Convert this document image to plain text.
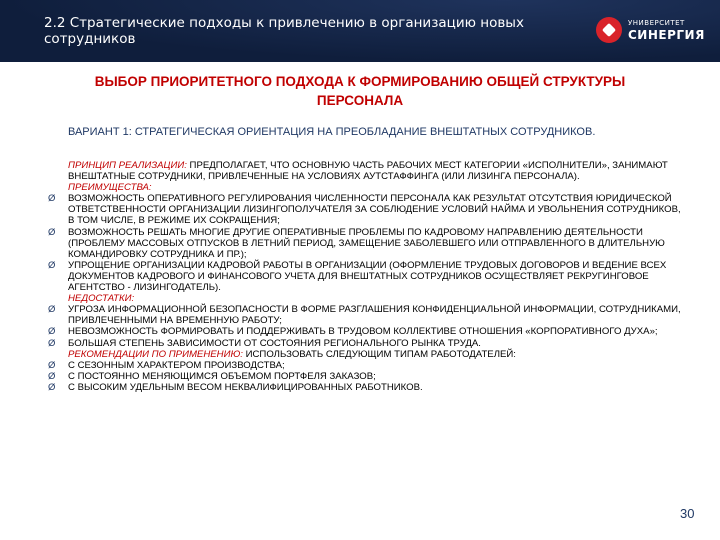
2.2 Стратегические подходы к привлечению в организацию новых сотрудников
УНИВЕРСИТЕТ
СИНЕРГИЯ
ВЫБОР ПРИОРИТЕТНОГО ПОДХОДА К ФОРМИРОВАНИЮ ОБЩЕЙ СТРУКТУРЫ ПЕРСОНАЛА
ВАРИАНТ 1: СТРАТЕГИЧЕСКАЯ ОРИЕНТАЦИЯ НА ПРЕОБЛАДАНИЕ ВНЕШТАТНЫХ СОТРУДНИКОВ.

ПРИНЦИП РЕАЛИЗАЦИИ: ПРЕДПОЛАГАЕТ, ЧТО ОСНОВНУЮ ЧАСТЬ РАБОЧИХ МЕСТ КАТЕГОРИИ «ИСПОЛНИТЕЛИ», ЗАНИМАЮТ ВНЕШТАТНЫЕ СОТРУДНИКИ, ПРИВЛЕЧЕННЫЕ НА УСЛОВИЯХ АУТСТАФФИНГА (ИЛИ ЛИЗИНГА ПЕРСОНАЛА).

ПРЕИМУЩЕСТВА:

Ø ВОЗМОЖНОСТЬ ОПЕРАТИВНОГО РЕГУЛИРОВАНИЯ ЧИСЛЕННОСТИ ПЕРСОНАЛА КАК РЕЗУЛЬТАТ ОТСУТСТВИЯ ЮРИДИЧЕСКОЙ ОТВЕТСТВЕННОСТИ ОРГАНИЗАЦИИ ЛИЗИНГОПОЛУЧАТЕЛЯ ЗА СОБЛЮДЕНИЕ УСЛОВИЙ НАЙМА И УВОЛЬНЕНИЯ СОТРУДНИКОВ, В ТОМ ЧИСЛЕ, В РЕЖИМЕ ИХ СОКРАЩЕНИЯ;

Ø ВОЗМОЖНОСТЬ РЕШАТЬ МНОГИЕ ДРУГИЕ ОПЕРАТИВНЫЕ ПРОБЛЕМЫ ПО КАДРОВОМУ НАПРАВЛЕНИЮ ДЕЯТЕЛЬНОСТИ (ПРОБЛЕМУ МАССОВЫХ ОТПУСКОВ В ЛЕТНИЙ ПЕРИОД, ЗАМЕЩЕНИЕ ЗАБОЛЕВШЕГО ИЛИ ОТПРАВЛЕННОГО В ДЛИТЕЛЬНУЮ КОМАНДИРОВКУ СОТРУДНИКА И ПР.);

Ø УПРОЩЕНИЕ ОРГАНИЗАЦИИ КАДРОВОЙ РАБОТЫ В ОРГАНИЗАЦИИ (ОФОРМЛЕНИЕ ТРУДОВЫХ ДОГОВОРОВ И ВЕДЕНИЕ ВСЕХ ДОКУМЕНТОВ КАДРОВОГО И ФИНАНСОВОГО УЧЕТА ДЛЯ ВНЕШТАТНЫХ СОТРУДНИКОВ ОСУЩЕСТВЛЯЕТ РЕКРУГИНГОВОЕ АГЕНТСТВО - ЛИЗИНГОДАТЕЛЬ).

НЕДОСТАТКИ:

Ø УГРОЗА ИНФОРМАЦИОННОЙ БЕЗОПАСНОСТИ В ФОРМЕ РАЗГЛАШЕНИЯ КОНФИДЕНЦИАЛЬНОЙ ИНФОРМАЦИИ, СОТРУДНИКАМИ, ПРИВЛЕЧЕННЫМИ НА ВРЕМЕННУЮ РАБОТУ;

Ø НЕВОЗМОЖНОСТЬ ФОРМИРОВАТЬ И ПОДДЕРЖИВАТЬ В ТРУДОВОМ КОЛЛЕКТИВЕ ОТНОШЕНИЯ «КОРПОРАТИВНОГО ДУХА»;

Ø БОЛЬШАЯ СТЕПЕНЬ ЗАВИСИМОСТИ ОТ СОСТОЯНИЯ РЕГИОНАЛЬНОГО РЫНКА ТРУДА.

РЕКОМЕНДАЦИИ ПО ПРИМЕНЕНИЮ: ИСПОЛЬЗОВАТЬ СЛЕДУЮЩИМ ТИПАМ РАБОТОДАТЕЛЕЙ:

Ø С СЕЗОННЫМ ХАРАКТЕРОМ ПРОИЗВОДСТВА;

Ø С ПОСТОЯННО МЕНЯЮЩИМСЯ ОБЪЕМОМ ПОРТФЕЛЯ ЗАКАЗОВ;

Ø С ВЫСОКИМ УДЕЛЬНЫМ ВЕСОМ НЕКВАЛИФИЦИРОВАННЫХ РАБОТНИКОВ.

30
